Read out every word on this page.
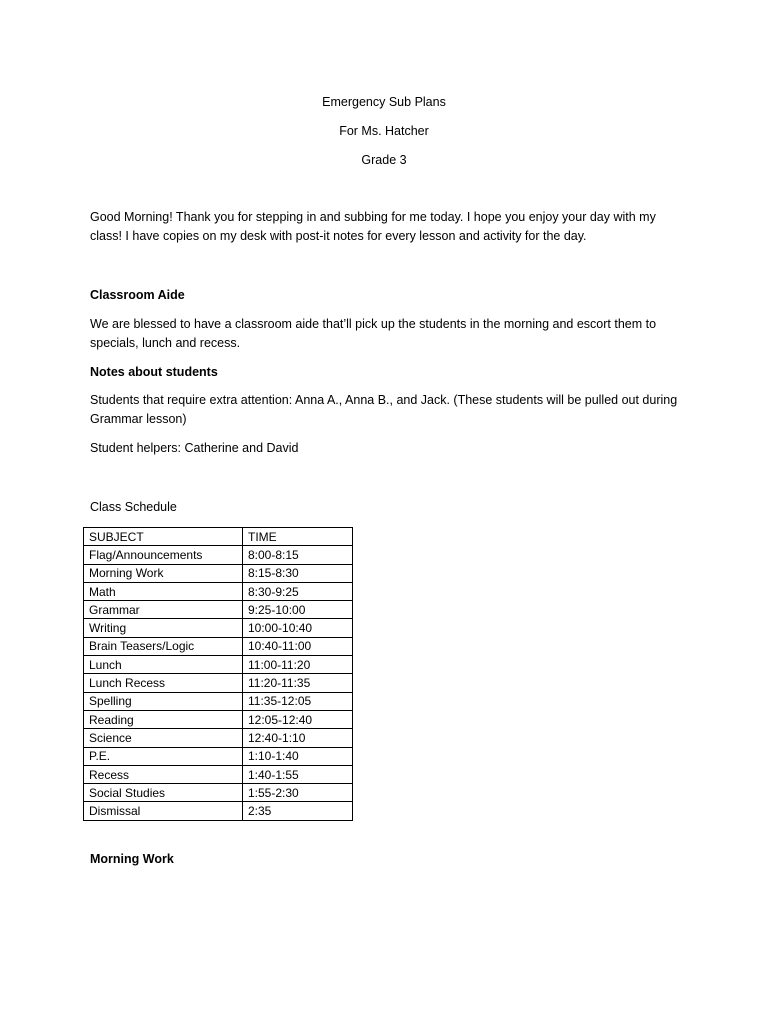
Emergency Sub Plans
For Ms. Hatcher
Grade 3
Good Morning! Thank you for stepping in and subbing for me today. I hope you enjoy your day with my class! I have copies on my desk with post-it notes for every lesson and activity for the day.
Classroom Aide
We are blessed to have a classroom aide that’ll pick up the students in the morning and escort them to specials, lunch and recess.
Notes about students
Students that require extra attention: Anna A., Anna B., and Jack. (These students will be pulled out during Grammar lesson)
Student helpers: Catherine and David
Class Schedule
SUBJECT	TIME
Flag/Announcements	8:00-8:15
Morning Work	8:15-8:30
Math	8:30-9:25
Grammar	9:25-10:00
Writing	10:00-10:40
Brain Teasers/Logic	10:40-11:00
Lunch	11:00-11:20
Lunch Recess	11:20-11:35
Spelling	11:35-12:05
Reading	12:05-12:40
Science	12:40-1:10
P.E.	1:10-1:40
Recess	1:40-1:55
Social Studies	1:55-2:30
Dismissal	2:35
Morning Work
